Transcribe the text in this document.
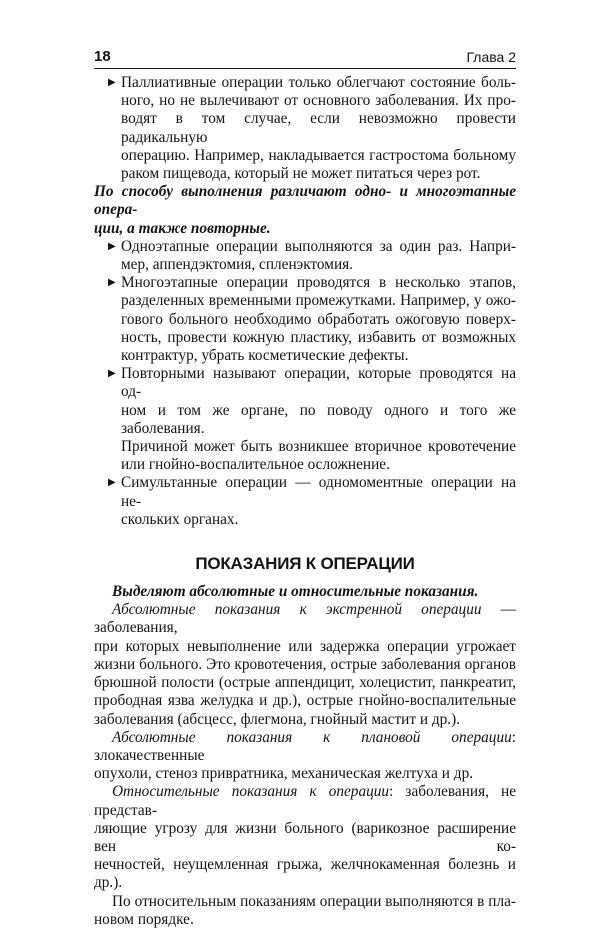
18	Глава 2
▶ Паллиативные операции только облегчают состояние боль-
ного, но не вылечивают от основного заболевания. Их про-
водят в том случае, если невозможно провести радикальную
операцию. Например, накладывается гастростома больному
раком пищевода, который не может питаться через рот.
По способу выполнения различают одно- и многоэтапные опера-
ции, а также повторные.
▶ Одноэтапные операции выполняются за один раз. Напри-
мер, аппендэктомия, спленэктомия.
▶ Многоэтапные операции проводятся в несколько этапов,
разделенных временными промежутками. Например, у ожо-
гового больного необходимо обработать ожоговую поверх-
ность, провести кожную пластику, избавить от возможных
контрактур, убрать косметические дефекты.
▶ Повторными называют операции, которые проводятся на од-
ном и том же органе, по поводу одного и того же заболевания.
Причиной может быть возникшее вторичное кровотечение
или гнойно-воспалительное осложнение.
▶ Симультанные операции — одномоментные операции на не-
скольких органах.
ПОКАЗАНИЯ К ОПЕРАЦИИ
Выделяют абсолютные и относительные показания.
Абсолютные показания к экстренной операции — заболевания,
при которых невыполнение или задержка операции угрожает
жизни больного. Это кровотечения, острые заболевания органов
брюшной полости (острые аппендицит, холецистит, панкреатит,
прободная язва желудка и др.), острые гнойно-воспалительные
заболевания (абсцесс, флегмона, гнойный мастит и др.).
Абсолютные показания к плановой операции: злокачественные
опухоли, стеноз привратника, механическая желтуха и др.
Относительные показания к операции: заболевания, не представ-
ляющие угрозу для жизни больного (варикозное расширение вен ко-
нечностей, неущемленная грыжа, желчнокаменная болезнь и др.).
По относительным показаниям операции выполняются в пла-
новом порядке.
